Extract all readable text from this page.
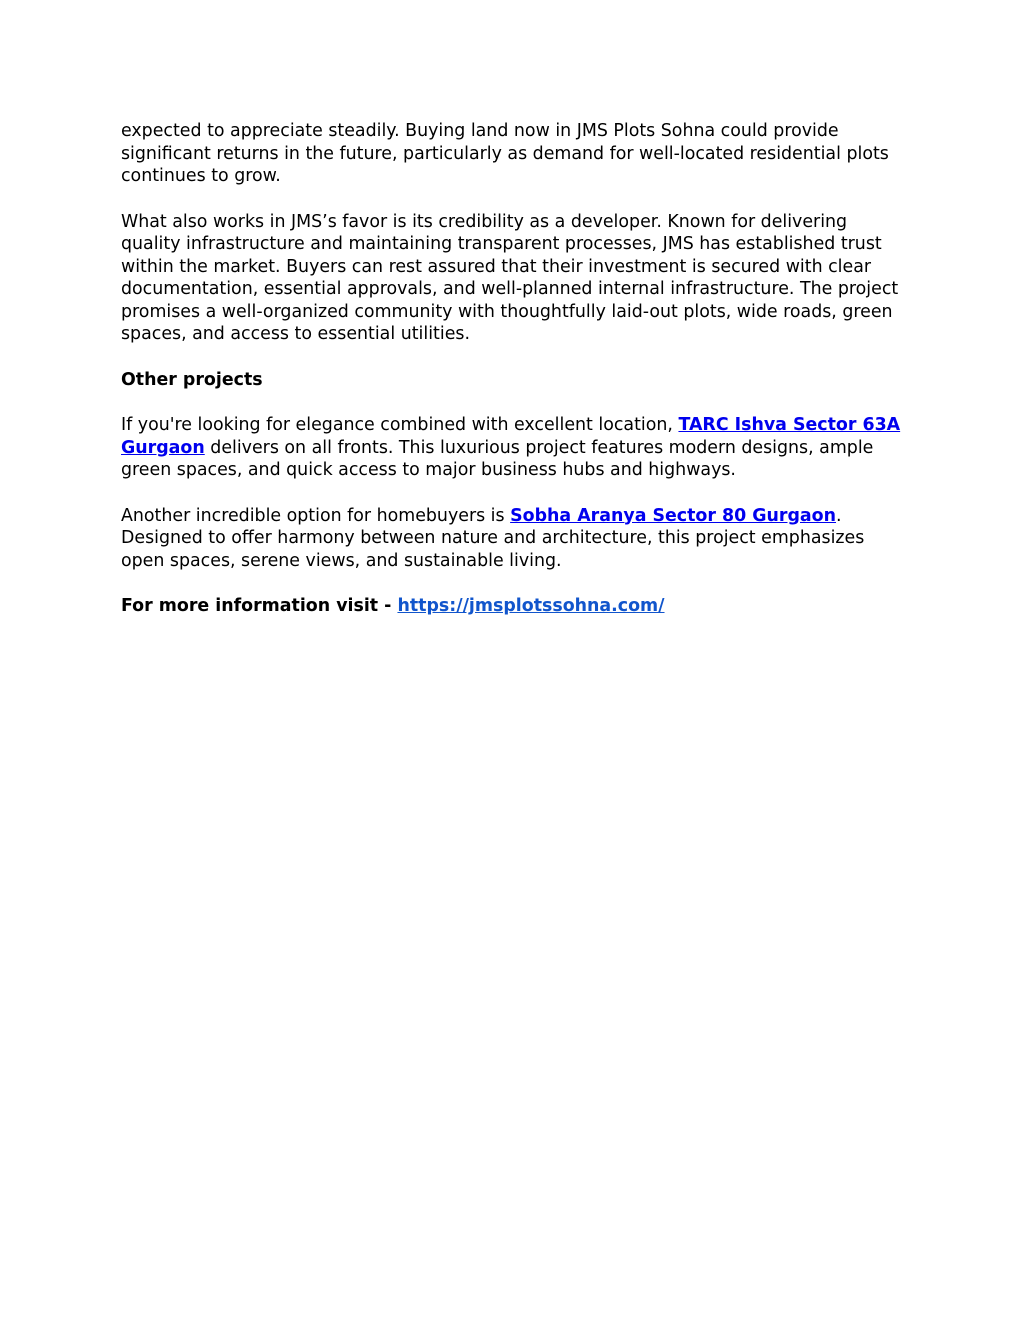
expected to appreciate steadily. Buying land now in JMS Plots Sohna could provide significant returns in the future, particularly as demand for well-located residential plots continues to grow.

What also works in JMS’s favor is its credibility as a developer. Known for delivering quality infrastructure and maintaining transparent processes, JMS has established trust within the market. Buyers can rest assured that their investment is secured with clear documentation, essential approvals, and well-planned internal infrastructure. The project promises a well-organized community with thoughtfully laid-out plots, wide roads, green spaces, and access to essential utilities.

Other projects

If you're looking for elegance combined with excellent location, TARC Ishva Sector 63A Gurgaon delivers on all fronts. This luxurious project features modern designs, ample green spaces, and quick access to major business hubs and highways.

Another incredible option for homebuyers is Sobha Aranya Sector 80 Gurgaon. Designed to offer harmony between nature and architecture, this project emphasizes open spaces, serene views, and sustainable living.

For more information visit - https://jmsplotssohna.com/
